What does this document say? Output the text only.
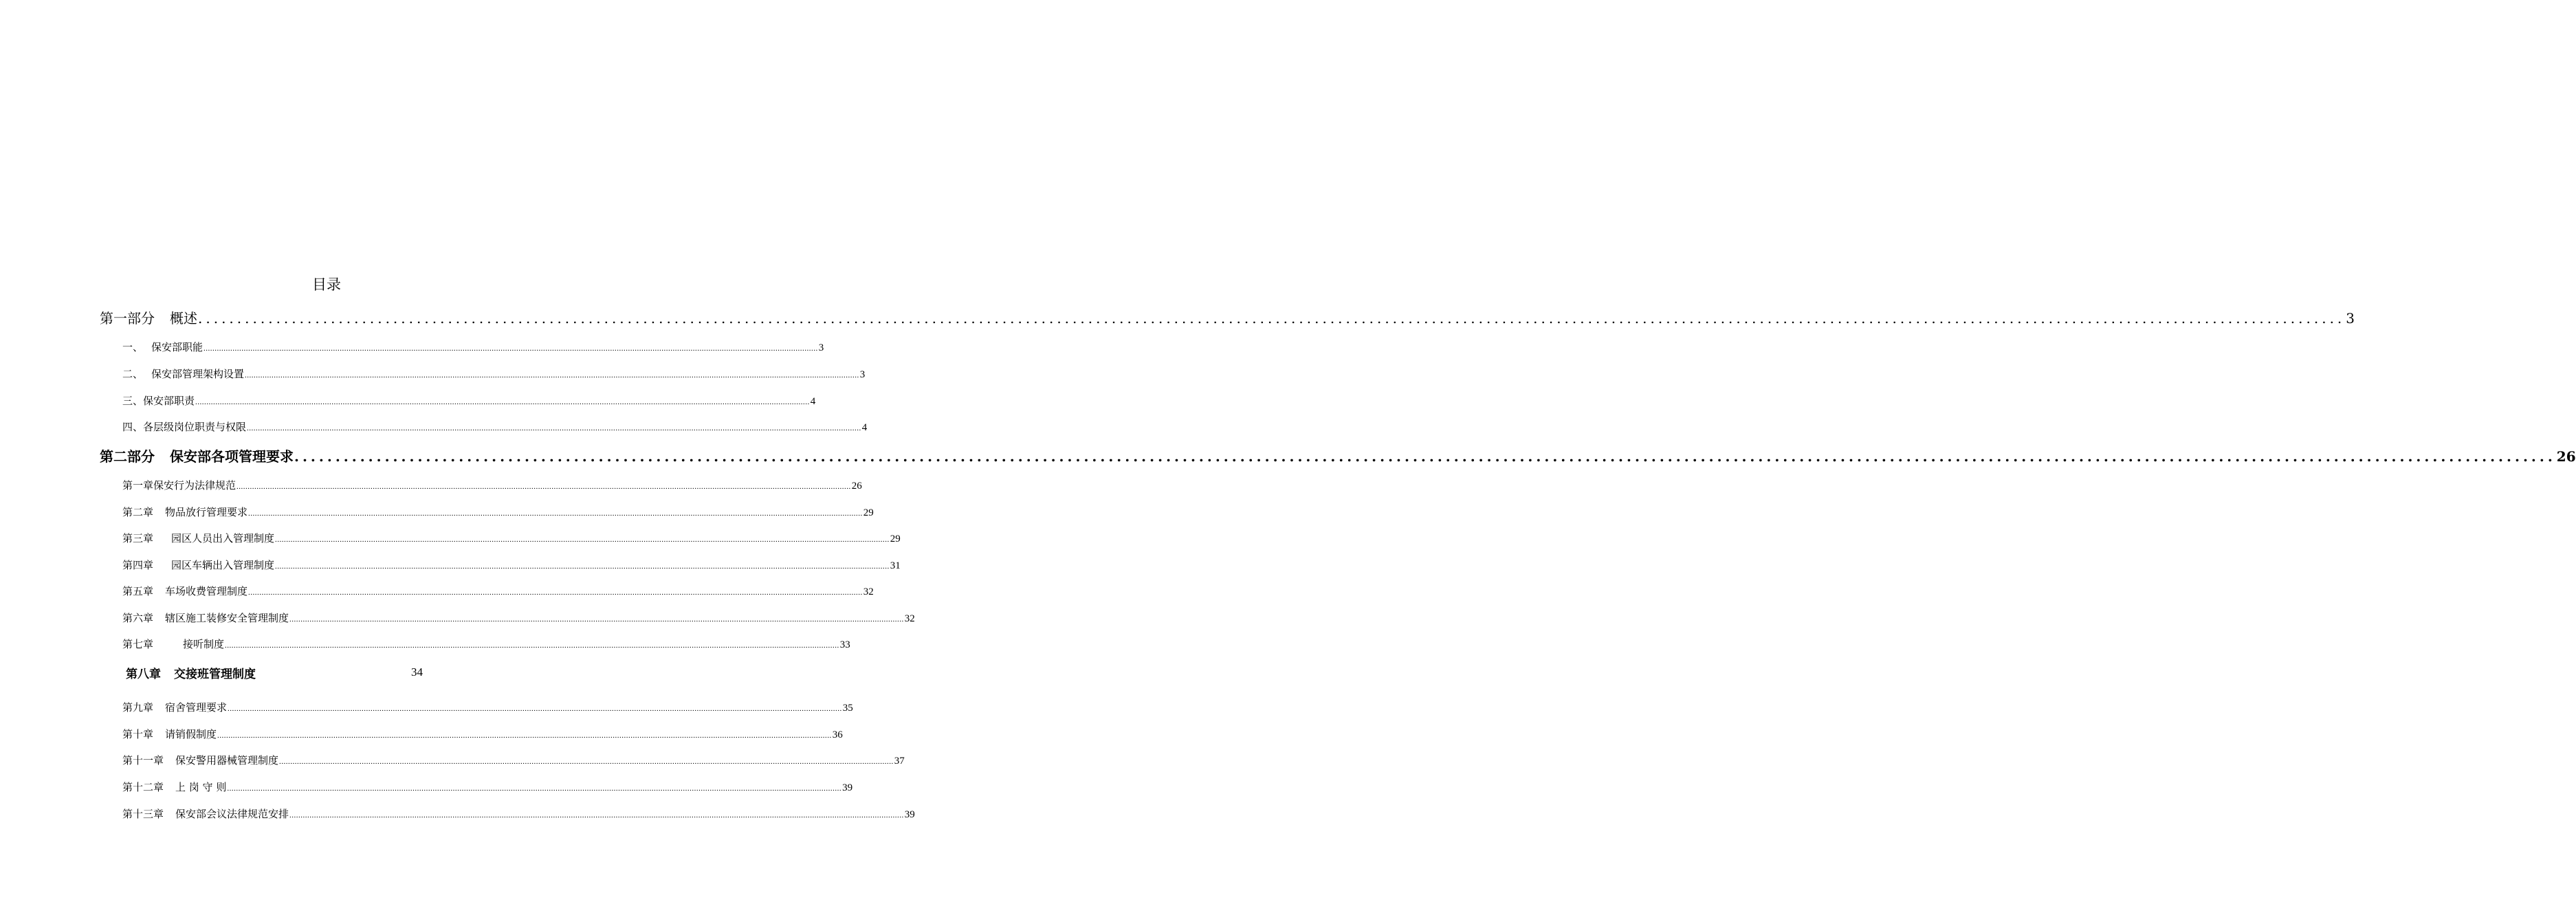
目录
第一部分 概述 ................................................................................................................................................................................................................................................................................... 3
一、 保安部职能 ................................................................................................................................................................................................................................................................................... 3
二、 保安部管理架构设置 ................................................................................................................................................................................................................................................................................... 3
三、保安部职责 ................................................................................................................................................................................................................................................................................... 4
四、各层级岗位职责与权限 ................................................................................................................................................................................................................................................................................... 4
第二部分 保安部各项管理要求 ................................................................................................................................................................................................................................................................................... 26
第一章保安行为法律规范 ................................................................................................................................................................................................................................................................................... 26
第二章 物品放行管理要求 ................................................................................................................................................................................................................................................................................... 29
第三章 园区人员出入管理制度 ................................................................................................................................................................................................................................................................................... 29
第四章 园区车辆出入管理制度 ................................................................................................................................................................................................................................................................................... 31
第五章 车场收费管理制度 ................................................................................................................................................................................................................................................................................... 32
第六章 辖区施工装修安全管理制度 ................................................................................................................................................................................................................................................................................... 32
第七章	接听制度 ................................................................................................................................................................................................................................................................................... 33
第八章 交接班管理制度	34
第九章 宿舍管理要求 ................................................................................................................................................................................................................................................................................... 35
第十章 请销假制度 ................................................................................................................................................................................................................................................................................... 36
第十一章 保安警用器械管理制度 ................................................................................................................................................................................................................................................................................... 37
第十二章 上 岗 守 则 ................................................................................................................................................................................................................................................................................... 39
第十三章 保安部会议法律规范安排 ................................................................................................................................................................................................................................................................................... 39
